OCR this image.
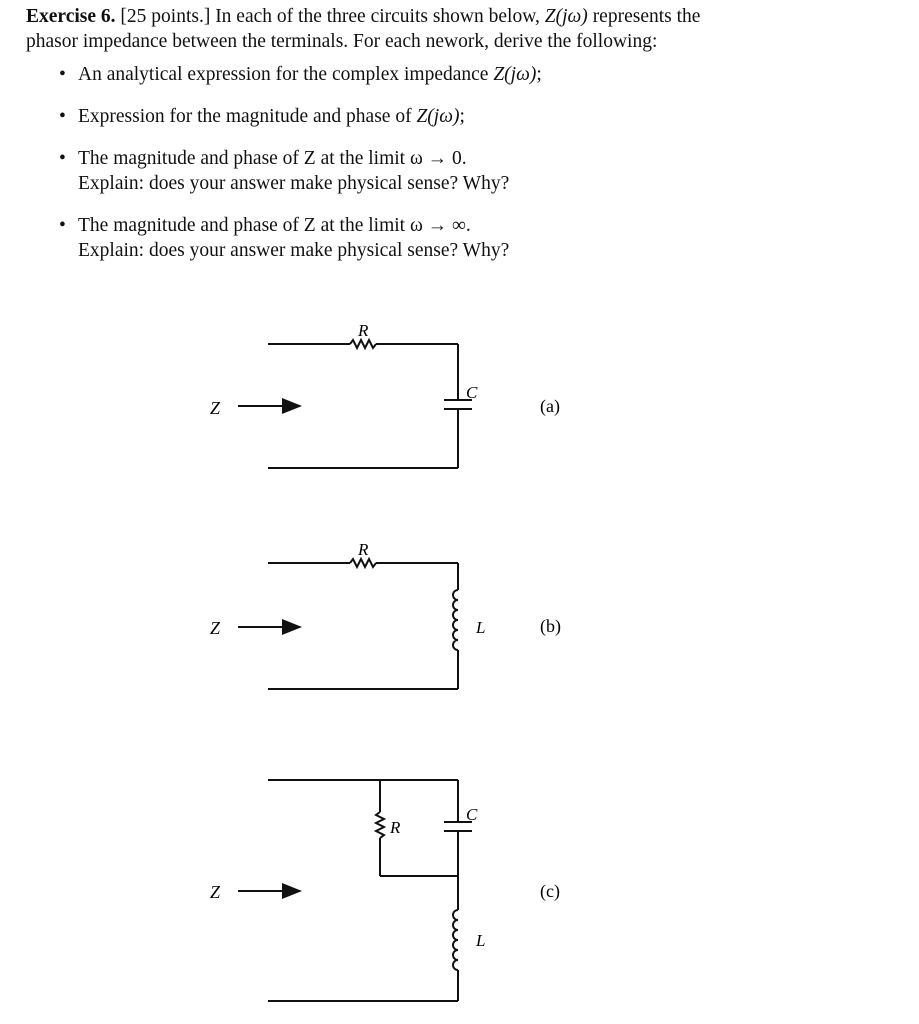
Exercise 6. [25 points.] In each of the three circuits shown below, Z(jω) represents the
phasor impedance between the terminals. For each nework, derive the following:

• An analytical expression for the complex impedance Z(jω);
• Expression for the magnitude and phase of Z(jω);
• The magnitude and phase of Z at the limit ω → 0.
Explain: does your answer make physical sense? Why?
• The magnitude and phase of Z at the limit ω → ∞.
Explain: does your answer make physical sense? Why?
Z
R
C
(a)
Z
R
L	(b)
Z
R
C
L
(c)
